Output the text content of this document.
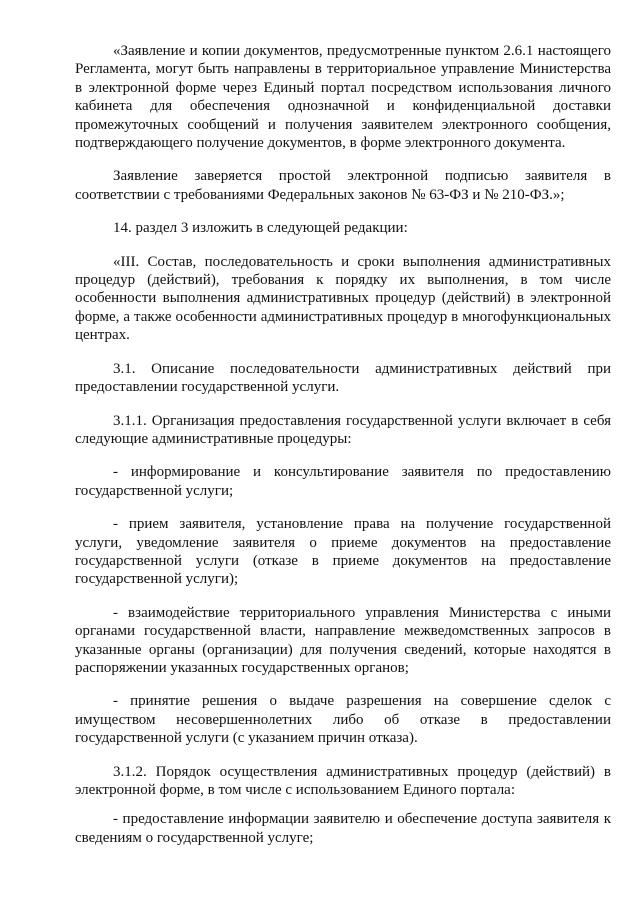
«Заявление и копии документов, предусмотренные пунктом 2.6.1 настоящего Регламента, могут быть направлены в территориальное управление Министерства в электронной форме через Единый портал посредством использования личного кабинета для обеспечения однозначной и конфиденциальной доставки промежуточных сообщений и получения заявителем электронного сообщения, подтверждающего получение документов, в форме электронного документа.

Заявление заверяется простой электронной подписью заявителя в соответствии с требованиями Федеральных законов № 63-ФЗ и № 210-ФЗ.»;

14. раздел 3 изложить в следующей редакции:

«III. Состав, последовательность и сроки выполнения административных процедур (действий), требования к порядку их выполнения, в том числе особенности выполнения административных процедур (действий) в электронной форме, а также особенности административных процедур в многофункциональных центрах.

3.1. Описание последовательности административных действий при предоставлении государственной услуги.

3.1.1. Организация предоставления государственной услуги включает в себя следующие административные процедуры:

- информирование и консультирование заявителя по предоставлению государственной услуги;

- прием заявителя, установление права на получение государственной услуги, уведомление заявителя о приеме документов на предоставление государственной услуги (отказе в приеме документов на предоставление государственной услуги);

- взаимодействие территориального управления Министерства с иными органами государственной власти, направление межведомственных запросов в указанные органы (организации) для получения сведений, которые находятся в распоряжении указанных государственных органов;

- принятие решения о выдаче разрешения на совершение сделок с имуществом несовершеннолетних либо об отказе в предоставлении государственной услуги (с указанием причин отказа).

3.1.2. Порядок осуществления административных процедур (действий) в электронной форме, в том числе с использованием Единого портала:

- предоставление информации заявителю и обеспечение доступа заявителя к сведениям о государственной услуге;
